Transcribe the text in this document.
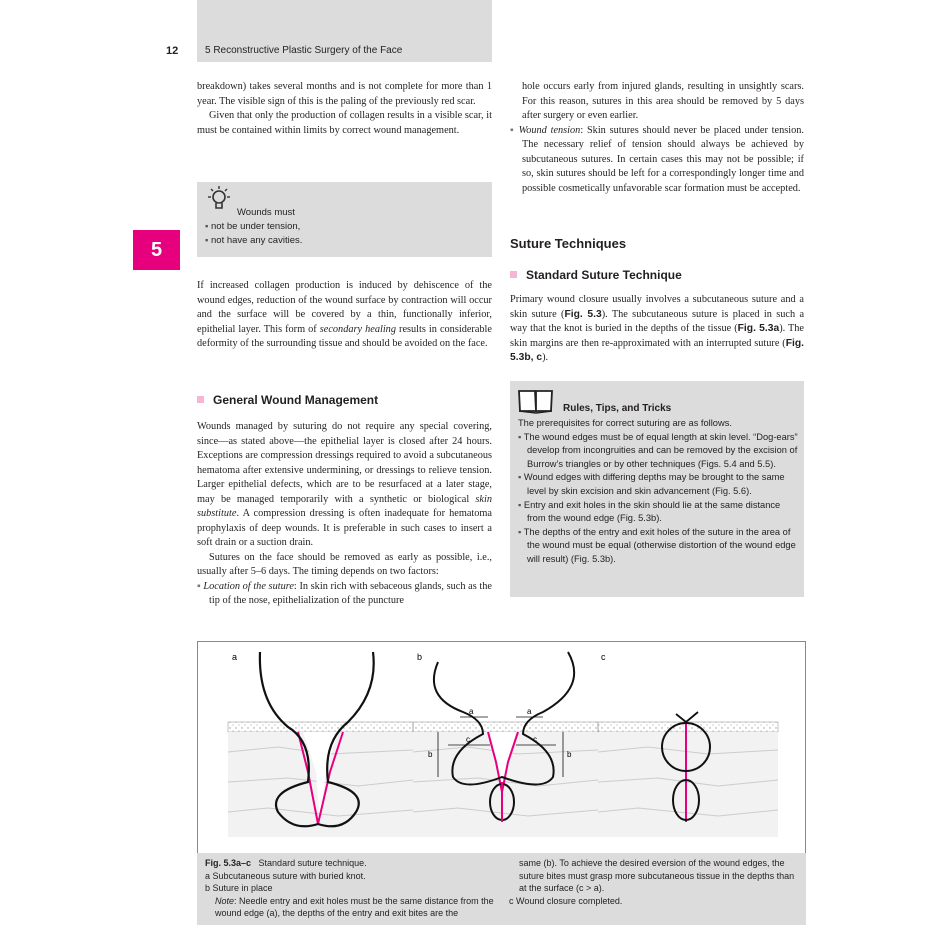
5 Reconstructive Plastic Surgery of the Face
12
5

breakdown) takes several months and is not complete for more than 1 year. The visible sign of this is the paling of the previously red scar.

Given that only the production of collagen results in a visible scar, it must be contained within limits by correct wound management.

Wounds must
▪ not be under tension,
▪ not have any cavities.

If increased collagen production is induced by dehiscence of the wound edges, reduction of the wound surface by contraction will occur and the surface will be covered by a thin, functionally inferior, epithelial layer. This form of secondary healing results in considerable deformity of the surrounding tissue and should be avoided on the face.

General Wound Management

Wounds managed by suturing do not require any special covering, since—as stated above—the epithelial layer is closed after 24 hours. Exceptions are compression dressings required to avoid a subcutaneous hematoma after extensive undermining, or dressings to relieve tension. Larger epithelial defects, which are to be resurfaced at a later stage, may be managed temporarily with a synthetic or biological skin substitute. A compression dressing is often inadequate for hematoma prophylaxis of deep wounds. It is preferable in such cases to insert a soft drain or a suction drain.

Sutures on the face should be removed as early as possible, i.e., usually after 5–6 days. The timing depends on two factors:

▪ Location of the suture: In skin rich with sebaceous glands, such as the tip of the nose, epithelialization of the puncture

hole occurs early from injured glands, resulting in unsightly scars. For this reason, sutures in this area should be removed by 5 days after surgery or even earlier.

▪ Wound tension: Skin sutures should never be placed under tension. The necessary relief of tension should always be achieved by subcutaneous sutures. In certain cases this may not be possible; if so, skin sutures should be left for a correspondingly longer time and possible cosmetically unfavorable scar formation must be accepted.

Suture Techniques
Standard Suture Technique

Primary wound closure usually involves a subcutaneous suture and a skin suture (Fig. 5.3). The subcutaneous suture is placed in such a way that the knot is buried in the depths of the tissue (Fig. 5.3a). The skin margins are then re-approximated with an interrupted suture (Fig. 5.3b, c).

Rules, Tips, and Tricks

The prerequisites for correct suturing are as follows.

▪ The wound edges must be of equal length at skin level. “Dog-ears” develop from incongruities and can be removed by the excision of Burrow’s triangles or by other techniques (Figs. 5.4 and 5.5).

▪ Wound edges with differing depths may be brought to the same level by skin excision and skin advancement (Fig. 5.6).

▪ Entry and exit holes in the skin should lie at the same distance from the wound edge (Fig. 5.3b).

▪ The depths of the entry and exit holes of the suture in the area of the wound must be equal (otherwise distortion of the wound edge will result) (Fig. 5.3b).

a	a
b	b
c	c
a	b	c

Fig. 5.3a–c Standard suture technique.

a Subcutaneous suture with buried knot.

b Suture in place

Note: Needle entry and exit holes must be the same distance from the wound edge (a), the depths of the entry and exit bites are the

same (b). To achieve the desired eversion of the wound edges, the suture bites must grasp more subcutaneous tissue in the depths than at the surface (c > a).

c Wound closure completed.
